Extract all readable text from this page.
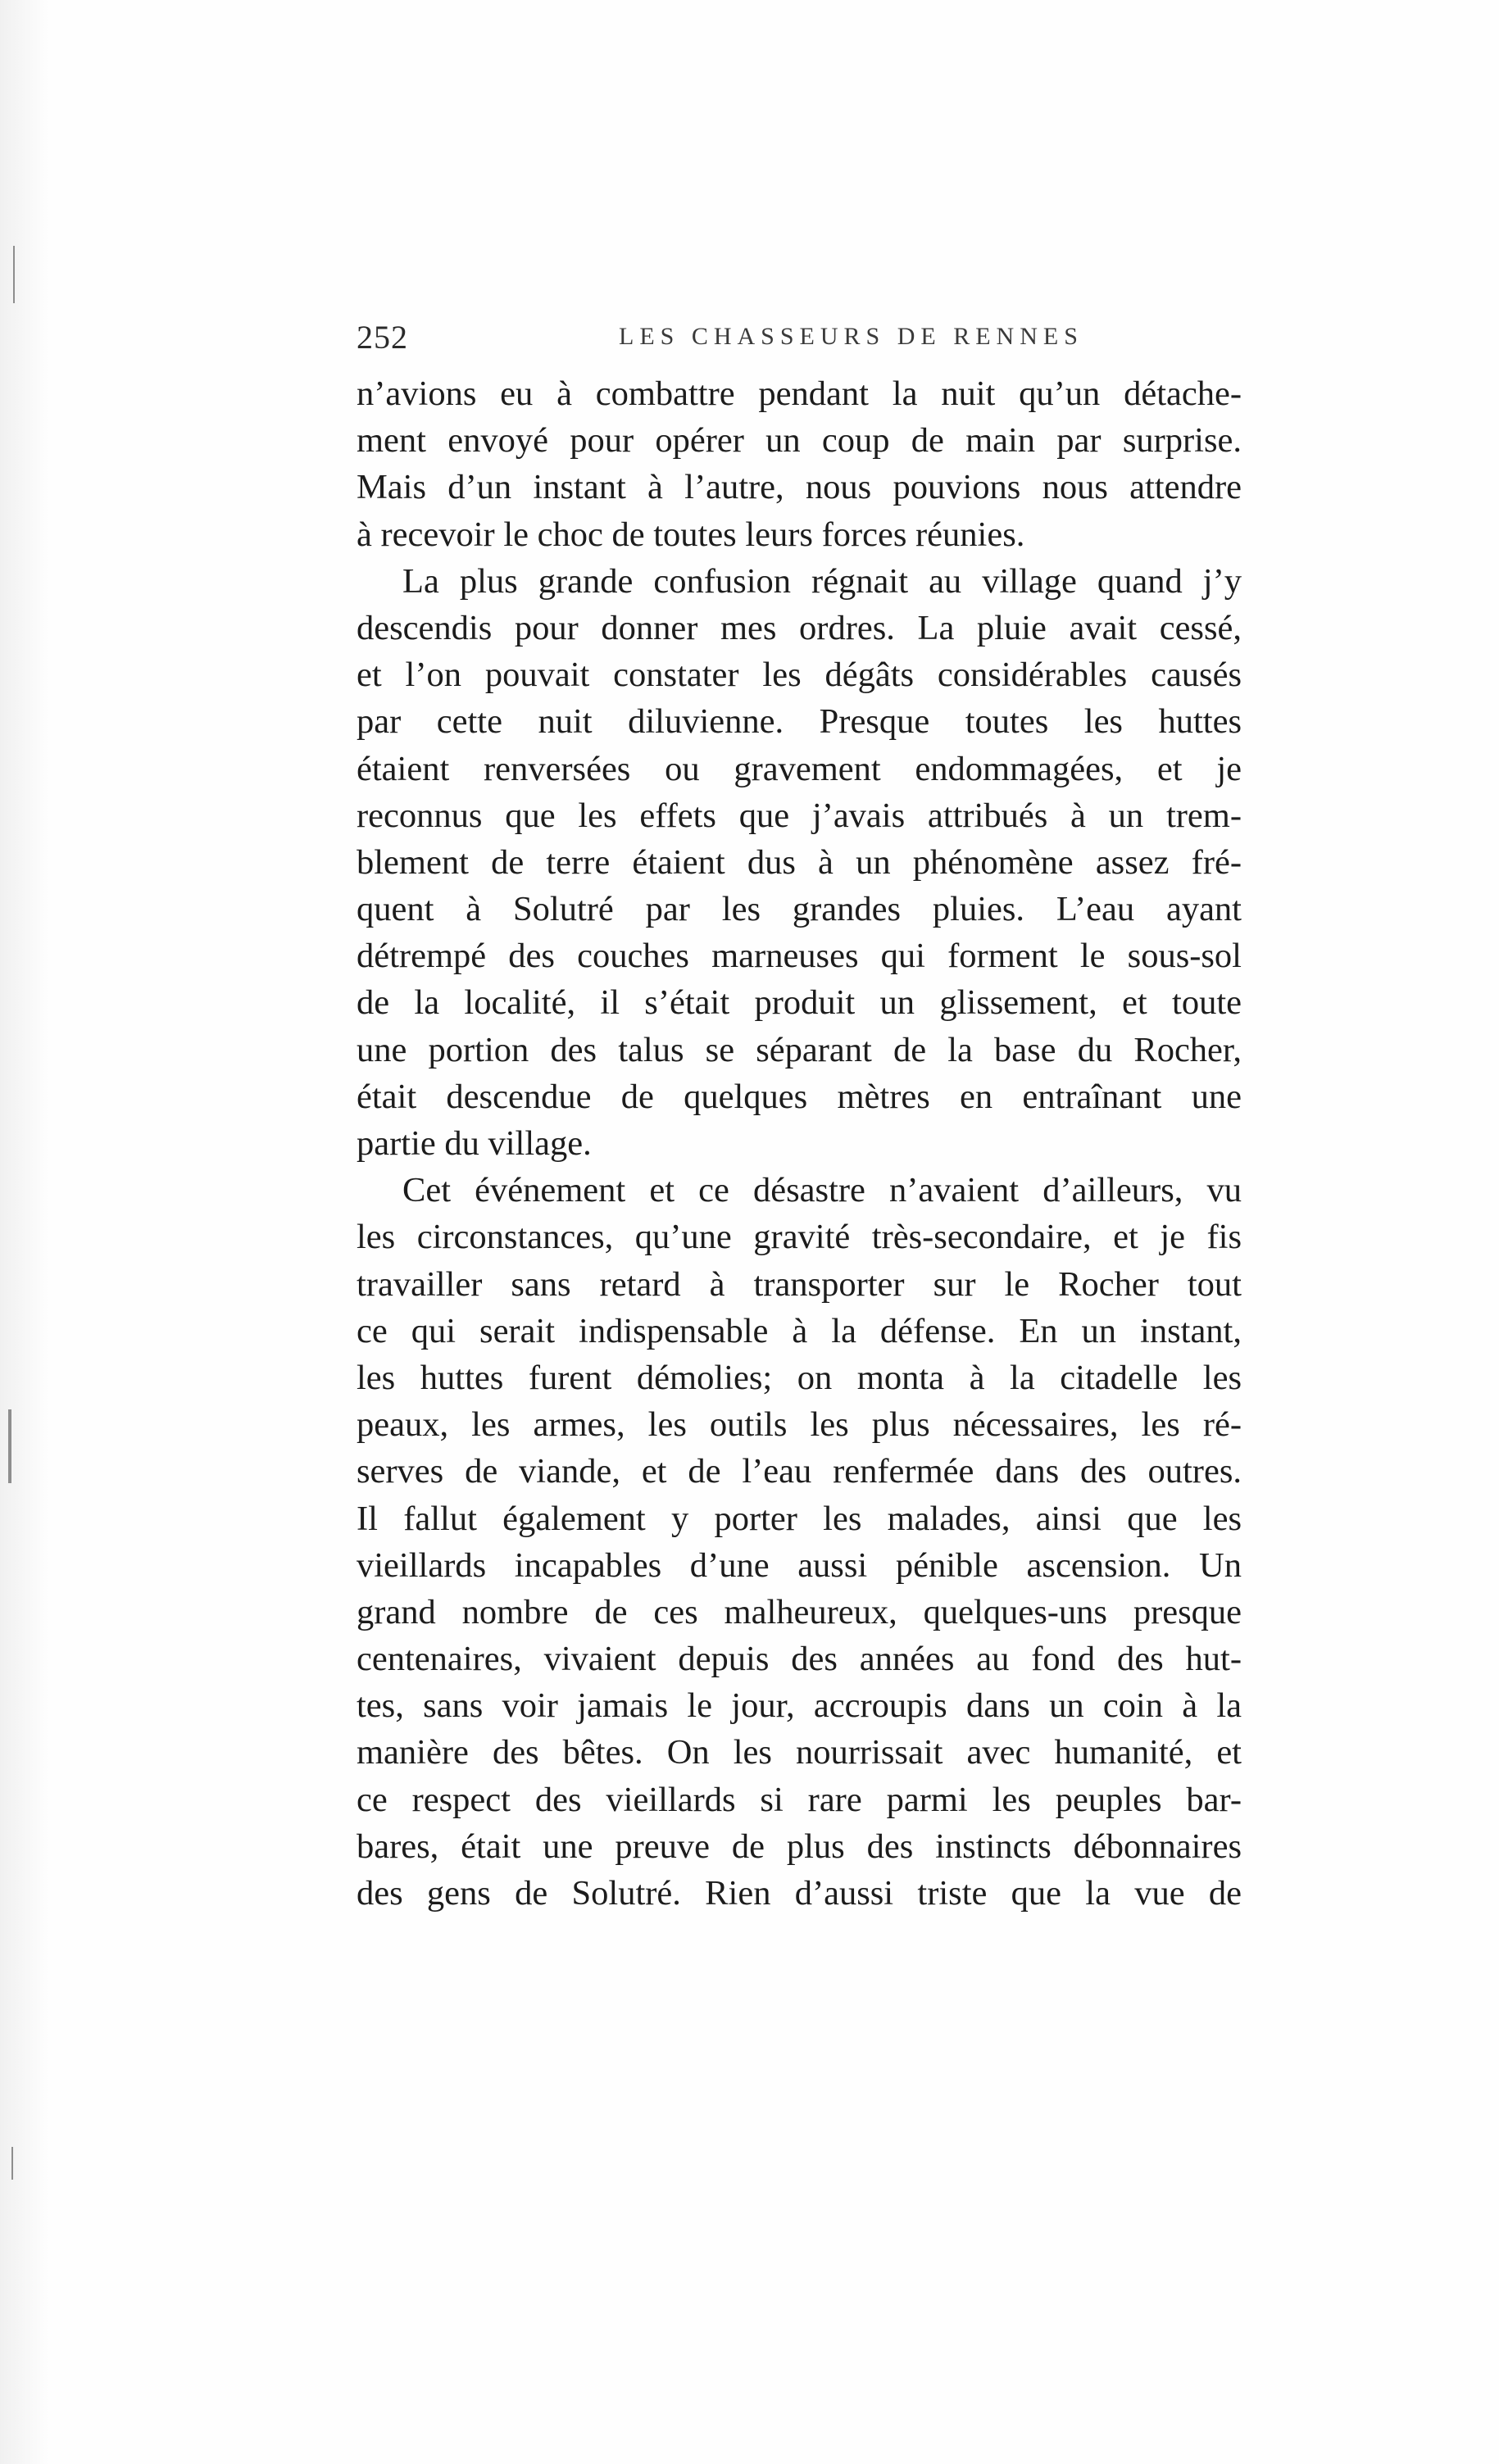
252	LES CHASSEURS DE RENNES
n’avions eu à combattre pendant la nuit qu’un détache-
ment envoyé pour opérer un coup de main par surprise.
Mais d’un instant à l’autre, nous pouvions nous attendre
à recevoir le choc de toutes leurs forces réunies.
La plus grande confusion régnait au village quand j’y
descendis pour donner mes ordres. La pluie avait cessé,
et l’on pouvait constater les dégâts considérables causés
par cette nuit diluvienne. Presque toutes les huttes
étaient renversées ou gravement endommagées, et je
reconnus que les effets que j’avais attribués à un trem-
blement de terre étaient dus à un phénomène assez fré-
quent à Solutré par les grandes pluies. L’eau ayant
détrempé des couches marneuses qui forment le sous-sol
de la localité, il s’était produit un glissement, et toute
une portion des talus se séparant de la base du Rocher,
était descendue de quelques mètres en entraînant une
partie du village.
Cet événement et ce désastre n’avaient d’ailleurs, vu
les circonstances, qu’une gravité très-secondaire, et je fis
travailler sans retard à transporter sur le Rocher tout
ce qui serait indispensable à la défense. En un instant,
les huttes furent démolies; on monta à la citadelle les
peaux, les armes, les outils les plus nécessaires, les ré-
serves de viande, et de l’eau renfermée dans des outres.
Il fallut également y porter les malades, ainsi que les
vieillards incapables d’une aussi pénible ascension. Un
grand nombre de ces malheureux, quelques-uns presque
centenaires, vivaient depuis des années au fond des hut-
tes, sans voir jamais le jour, accroupis dans un coin à la
manière des bêtes. On les nourrissait avec humanité, et
ce respect des vieillards si rare parmi les peuples bar-
bares, était une preuve de plus des instincts débonnaires
des gens de Solutré. Rien d’aussi triste que la vue de
